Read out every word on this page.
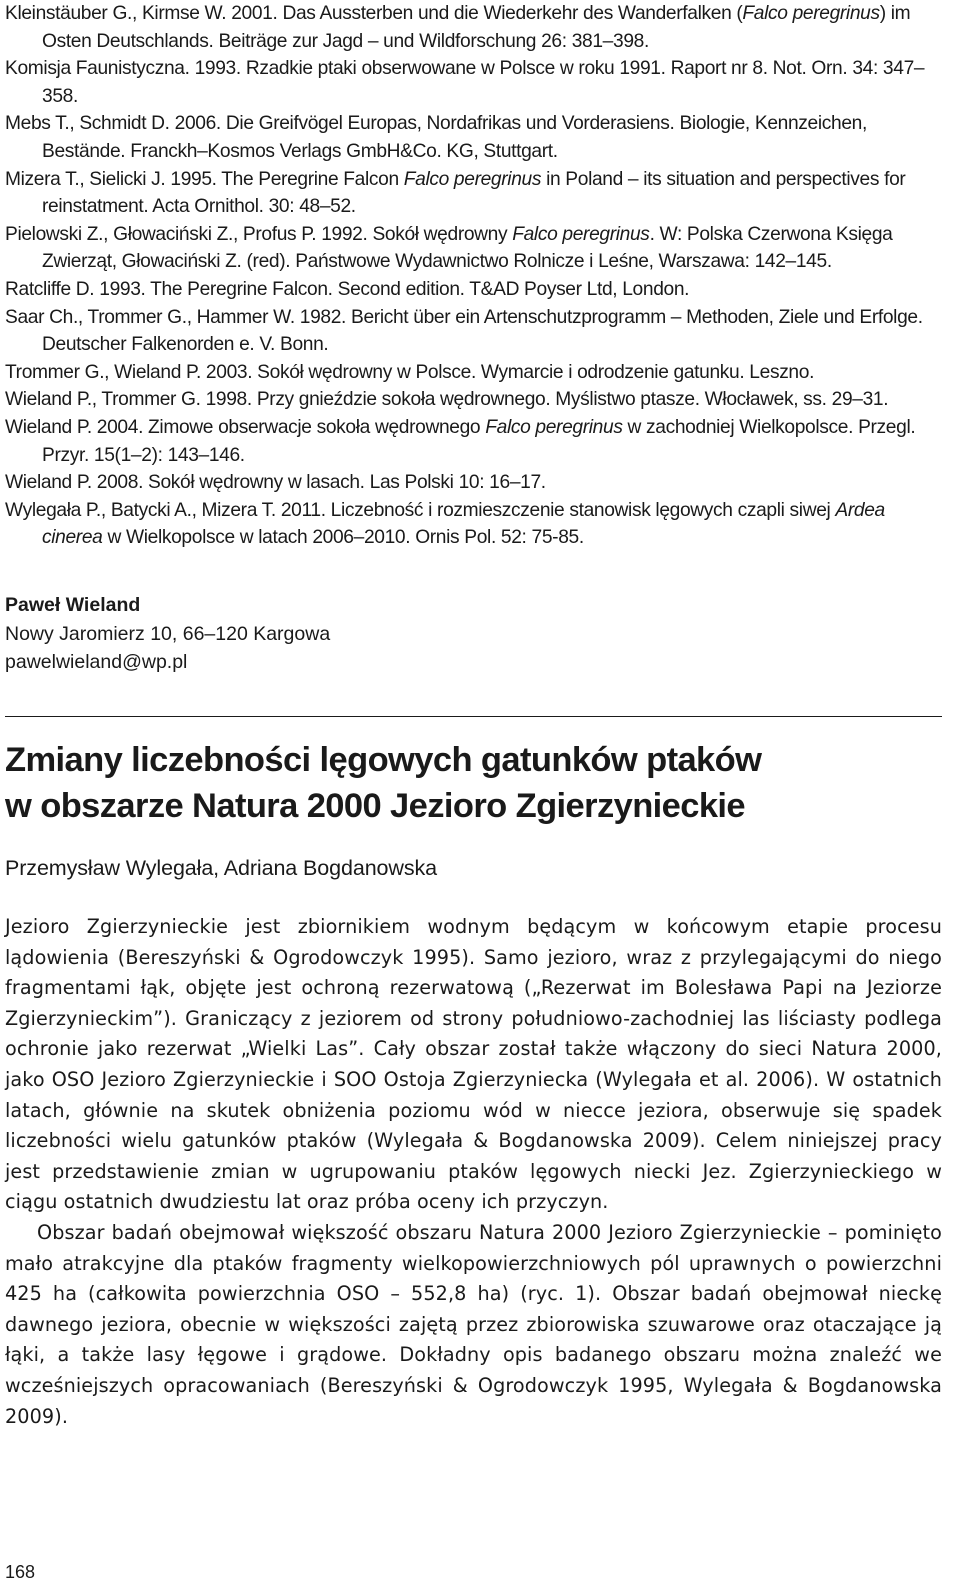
Kleinstäuber G., Kirmse W. 2001. Das Aussterben und die Wiederkehr des Wanderfalken (Falco peregrinus) im Osten Deutschlands. Beiträge zur Jagd – und Wildforschung 26: 381–398.

Komisja Faunistyczna. 1993. Rzadkie ptaki obserwowane w Polsce w roku 1991. Raport nr 8. Not. Orn. 34: 347–358.

Mebs T., Schmidt D. 2006. Die Greifvögel Europas, Nordafrikas und Vorderasiens. Biologie, Kennzeichen, Bestände. Franckh–Kosmos Verlags GmbH&Co. KG, Stuttgart.

Mizera T., Sielicki J. 1995. The Peregrine Falcon Falco peregrinus in Poland – its situation and perspectives for reinstatment. Acta Ornithol. 30: 48–52.

Pielowski Z., Głowaciński Z., Profus P. 1992. Sokół wędrowny Falco peregrinus. W: Polska Czerwona Księga Zwierząt, Głowaciński Z. (red). Państwowe Wydawnictwo Rolnicze i Leśne, Warszawa: 142–145.

Ratcliffe D. 1993. The Peregrine Falcon. Second edition. T&AD Poyser Ltd, London.

Saar Ch., Trommer G., Hammer W. 1982. Bericht über ein Artenschutzprogramm – Methoden, Ziele und Erfolge. Deutscher Falkenorden e. V. Bonn.

Trommer G., Wieland P. 2003. Sokół wędrowny w Polsce. Wymarcie i odrodzenie gatunku. Leszno.

Wieland P., Trommer G. 1998. Przy gnieździe sokoła wędrownego. Myślistwo ptasze. Włocławek, ss. 29–31.

Wieland P. 2004. Zimowe obserwacje sokoła wędrownego Falco peregrinus w zachodniej Wielkopolsce. Przegl. Przyr. 15(1–2): 143–146.

Wieland P. 2008. Sokół wędrowny w lasach. Las Polski 10: 16–17.

Wylegała P., Batycki A., Mizera T. 2011. Liczebność i rozmieszczenie stanowisk lęgowych czapli siwej Ardea cinerea w Wielkopolsce w latach 2006–2010. Ornis Pol. 52: 75-85.

Paweł Wieland
Nowy Jaromierz 10, 66–120 Kargowa
pawelwieland@wp.pl
Zmiany liczebności lęgowych gatunków ptaków
w obszarze Natura 2000 Jezioro Zgierzynieckie
Przemysław Wylegała, Adriana Bogdanowska

Jezioro Zgierzynieckie jest zbiornikiem wodnym będącym w końcowym etapie procesu lądowienia (Bereszyński & Ogrodowczyk 1995). Samo jezioro, wraz z przylegającymi do niego fragmentami łąk, objęte jest ochroną rezerwatową („Rezerwat im Bolesława Papi na Jeziorze Zgierzynieckim”). Graniczący z jeziorem od strony południowo-zachodniej las liściasty podlega ochronie jako rezerwat „Wielki Las”. Cały obszar został także włączony do sieci Natura 2000, jako OSO Jezioro Zgierzynieckie i SOO Ostoja Zgierzyniecka (Wylegała et al. 2006). W ostatnich latach, głównie na skutek obniżenia poziomu wód w niecce jeziora, obserwuje się spadek liczebności wielu gatunków ptaków (Wylegała & Bogdanowska 2009). Celem niniejszej pracy jest przedstawienie zmian w ugrupowaniu ptaków lęgowych niecki Jez. Zgierzynieckiego w ciągu ostatnich dwudziestu lat oraz próba oceny ich przyczyn.

Obszar badań obejmował większość obszaru Natura 2000 Jezioro Zgierzynieckie – pominięto mało atrakcyjne dla ptaków fragmenty wielkopowierzchniowych pól uprawnych o powierzchni 425 ha (całkowita powierzchnia OSO – 552,8 ha) (ryc. 1). Obszar badań obejmował nieckę dawnego jeziora, obecnie w większości zajętą przez zbiorowiska szuwarowe oraz otaczające ją łąki, a także lasy łęgowe i grądowe. Dokładny opis badanego obszaru można znaleźć we wcześniejszych opracowaniach (Bereszyński & Ogrodowczyk 1995, Wylegała & Bogdanowska 2009).

168
